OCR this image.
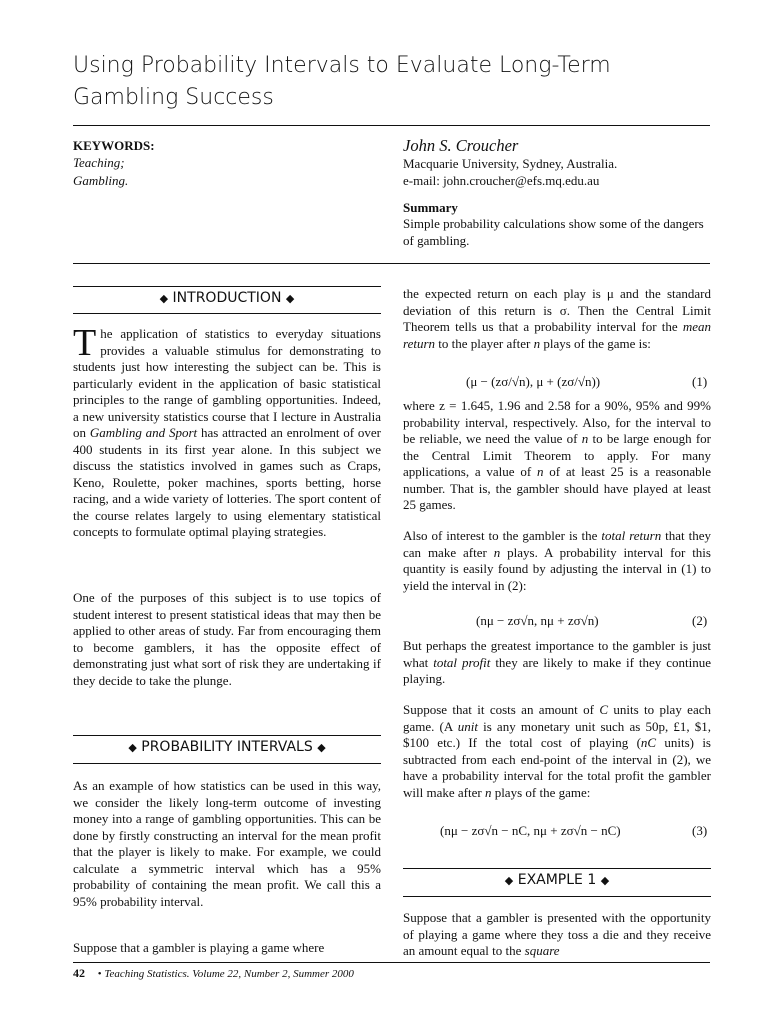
Using Probability Intervals to Evaluate Long-Term Gambling Success
KEYWORDS:
Teaching;
Gambling.
John S. Croucher
Macquarie University, Sydney, Australia.
e-mail: john.croucher@efs.mq.edu.au
Summary
Simple probability calculations show some of the dangers of gambling.
◆ INTRODUCTION ◆

The application of statistics to everyday situations provides a valuable stimulus for demonstrating to students just how interesting the subject can be. This is particularly evident in the application of basic statistical principles to the range of gambling opportunities. Indeed, a new university statistics course that I lecture in Australia on Gambling and Sport has attracted an enrolment of over 400 students in its first year alone. In this subject we discuss the statistics involved in games such as Craps, Keno, Roulette, poker machines, sports betting, horse racing, and a wide variety of lotteries. The sport content of the course relates largely to using elementary statistical concepts to formulate optimal playing strategies.

One of the purposes of this subject is to use topics of student interest to present statistical ideas that may then be applied to other areas of study. Far from encouraging them to become gamblers, it has the opposite effect of demonstrating just what sort of risk they are undertaking if they decide to take the plunge.
◆ PROBABILITY INTERVALS ◆
As an example of how statistics can be used in this way, we consider the likely long-term outcome of investing money into a range of gambling opportunities. This can be done by firstly constructing an interval for the mean profit that the player is likely to make. For example, we could calculate a symmetric interval which has a 95% probability of containing the mean profit. We call this a 95% probability interval.
Suppose that a gambler is playing a game where
the expected return on each play is μ and the standard deviation of this return is σ. Then the Central Limit Theorem tells us that a probability interval for the mean return to the player after n plays of the game is:
(μ − (zσ/√n), μ + (zσ/√n))	(1)
where z = 1.645, 1.96 and 2.58 for a 90%, 95% and 99% probability interval, respectively. Also, for the interval to be reliable, we need the value of n to be large enough for the Central Limit Theorem to apply. For many applications, a value of n of at least 25 is a reasonable number. That is, the gambler should have played at least 25 games.
Also of interest to the gambler is the total return that they can make after n plays. A probability interval for this quantity is easily found by adjusting the interval in (1) to yield the interval in (2):
(nμ − zσ√n, nμ + zσ√n)	(2)
But perhaps the greatest importance to the gambler is just what total profit they are likely to make if they continue playing.
Suppose that it costs an amount of C units to play each game. (A unit is any monetary unit such as 50p, £1, $1, $100 etc.) If the total cost of playing (nC units) is subtracted from each end-point of the interval in (2), we have a probability interval for the total profit the gambler will make after n plays of the game:
(nμ − zσ√n − nC, nμ + zσ√n − nC)	(3)
◆ EXAMPLE 1 ◆
Suppose that a gambler is presented with the opportunity of playing a game where they toss a die and they receive an amount equal to the square
42 • Teaching Statistics. Volume 22, Number 2, Summer 2000
